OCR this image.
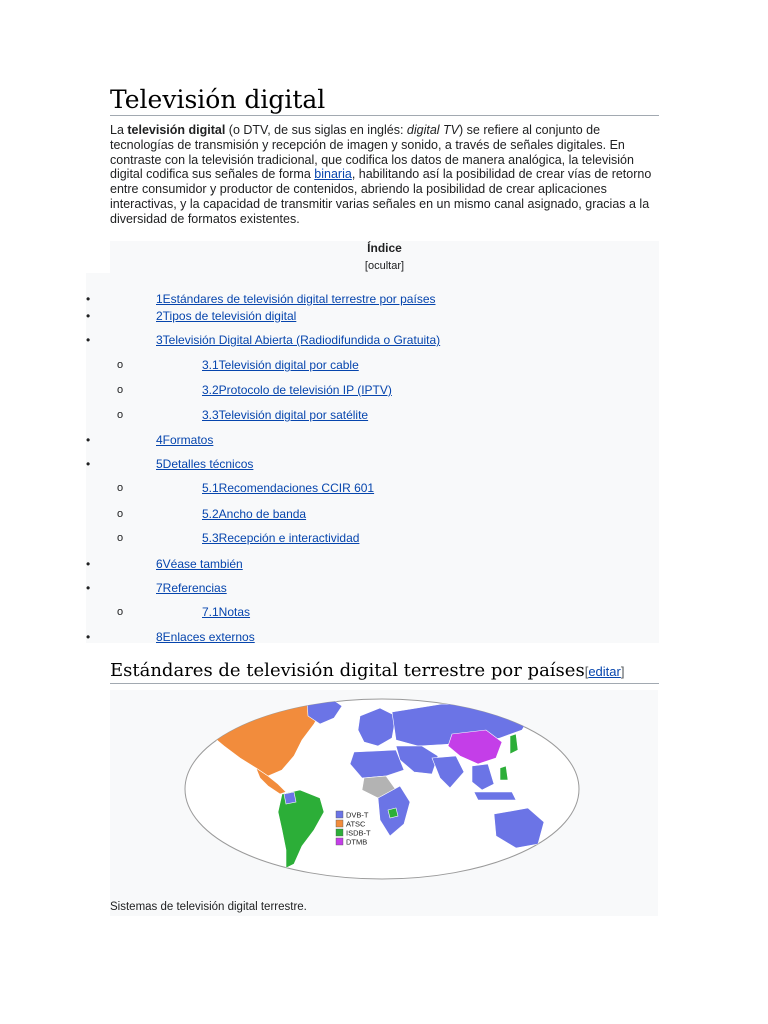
Televisión digital

La televisión digital (o DTV, de sus siglas en inglés: digital TV) se refiere al conjunto de tecnologías de transmisión y recepción de imagen y sonido, a través de señales digitales. En contraste con la televisión tradicional, que codifica los datos de manera analógica, la televisión digital codifica sus señales de forma binaria, habilitando así la posibilidad de crear vías de retorno entre consumidor y productor de contenidos, abriendo la posibilidad de crear aplicaciones interactivas, y la capacidad de transmitir varias señales en un mismo canal asignado, gracias a la diversidad de formatos existentes.

Índice
[ocultar]
•	1Estándares de televisión digital terrestre por países
•	2Tipos de televisión digital
•	3Televisión Digital Abierta (Radiodifundida o Gratuita)
o	3.1Televisión digital por cable
o	3.2Protocolo de televisión IP (IPTV)
o	3.3Televisión digital por satélite
•	4Formatos
•	5Detalles técnicos
o	5.1Recomendaciones CCIR 601
o	5.2Ancho de banda
o	5.3Recepción e interactividad
•	6Véase también
•	7Referencias
o	7.1Notas
•	8Enlaces externos
Estándares de televisión digital terrestre por países[editar]
DVB-T
ATSC
ISDB-T
DTMB
Sistemas de televisión digital terrestre.
